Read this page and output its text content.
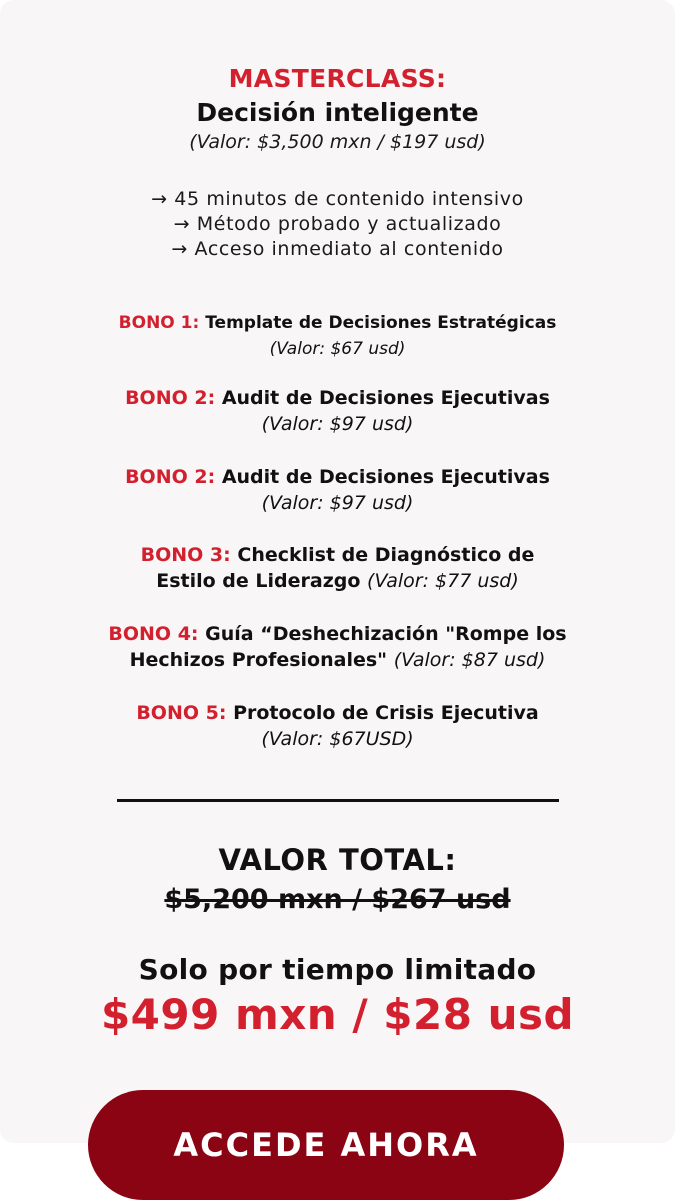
MASTERCLASS:
Decisión inteligente
(Valor: $3,500 mxn / $197 usd)
→ 45 minutos de contenido intensivo
→ Método probado y actualizado
→ Acceso inmediato al contenido
BONO 1: Template de Decisiones Estratégicas
(Valor: $67 usd)
BONO 2: Audit de Decisiones Ejecutivas
(Valor: $97 usd)
BONO 2: Audit de Decisiones Ejecutivas
(Valor: $97 usd)
BONO 3: Checklist de Diagnóstico de
Estilo de Liderazgo (Valor: $77 usd)
BONO 4: Guía “Deshechización "Rompe los
Hechizos Profesionales" (Valor: $87 usd)
BONO 5: Protocolo de Crisis Ejecutiva
(Valor: $67USD)
VALOR TOTAL:
$5,200 mxn / $267 usd
Solo por tiempo limitado
$499 mxn / $28 usd
ACCEDE AHORA
